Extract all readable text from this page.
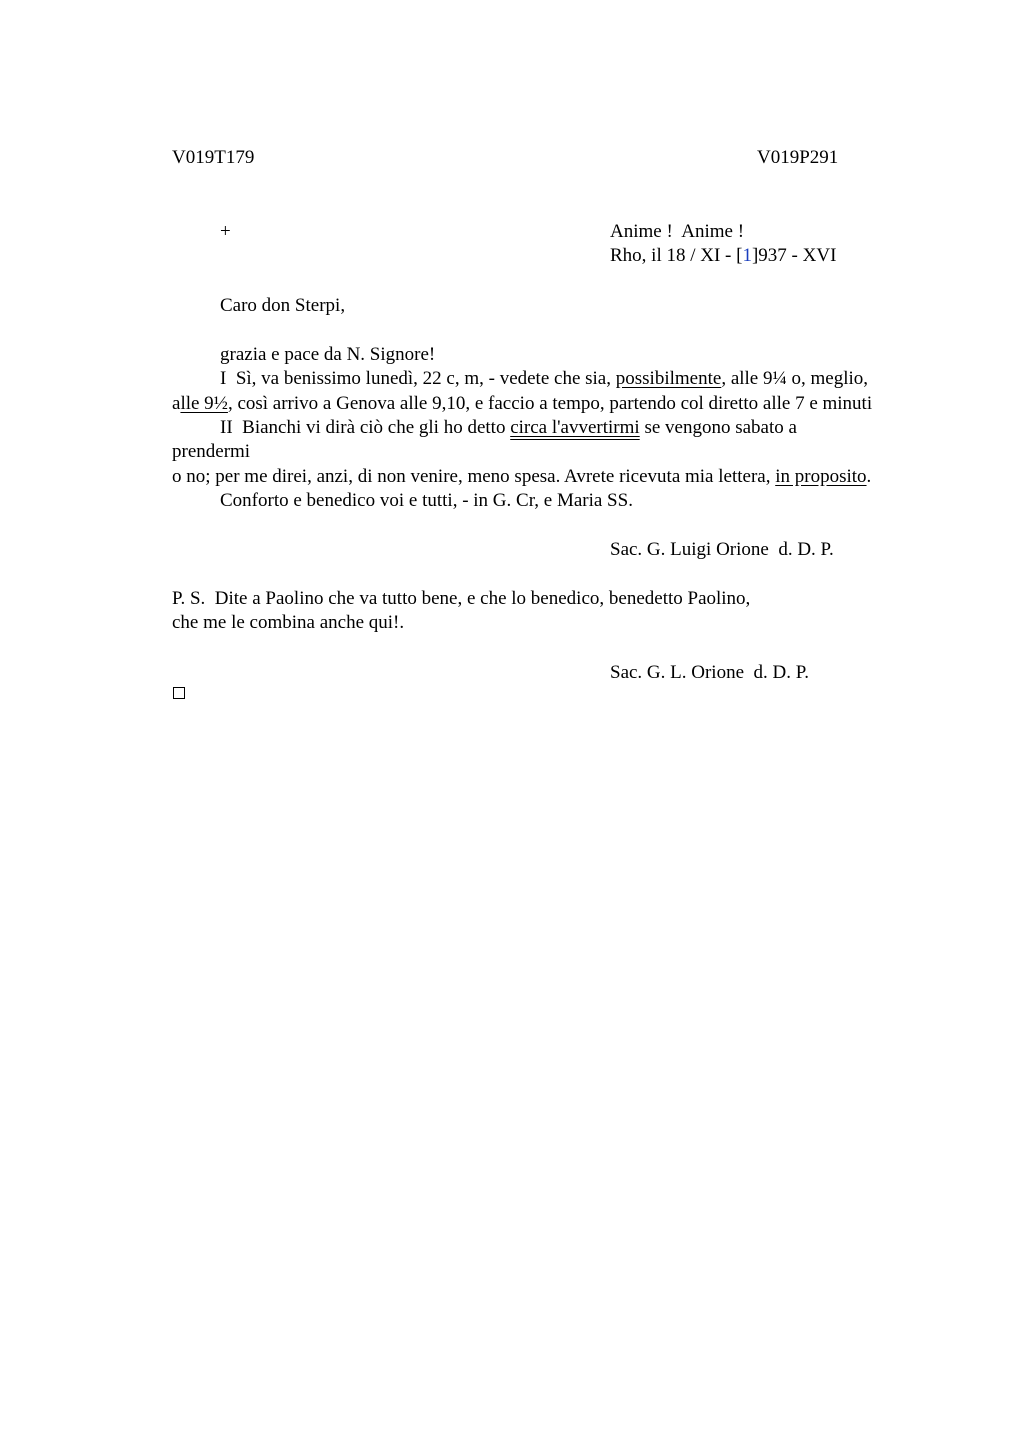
V019T179	V019P291
+	Anime !  Anime !
Rho, il 18 / XI - [1]937 - XVI
Caro don Sterpi,
grazia e pace da N. Signore!
I  Sì, va benissimo lunedì, 22 c, m, - vedete che sia, possibilmente, alle 9¼ o, meglio,
alle 9½, così arrivo a Genova alle 9,10, e faccio a tempo, partendo col diretto alle 7 e minuti
II  Bianchi vi dirà ciò che gli ho detto circa l'avvertirmi se vengono sabato a
prendermi
o no; per me direi, anzi, di non venire, meno spesa. Avrete ricevuta mia lettera, in proposito.
Conforto e benedico voi e tutti, - in G. Cr, e Maria SS.
Sac. G. Luigi Orione  d. D. P.
P. S.  Dite a Paolino che va tutto bene, e che lo benedico, benedetto Paolino,
che me le combina anche qui!.
Sac. G. L. Orione  d. D. P.
